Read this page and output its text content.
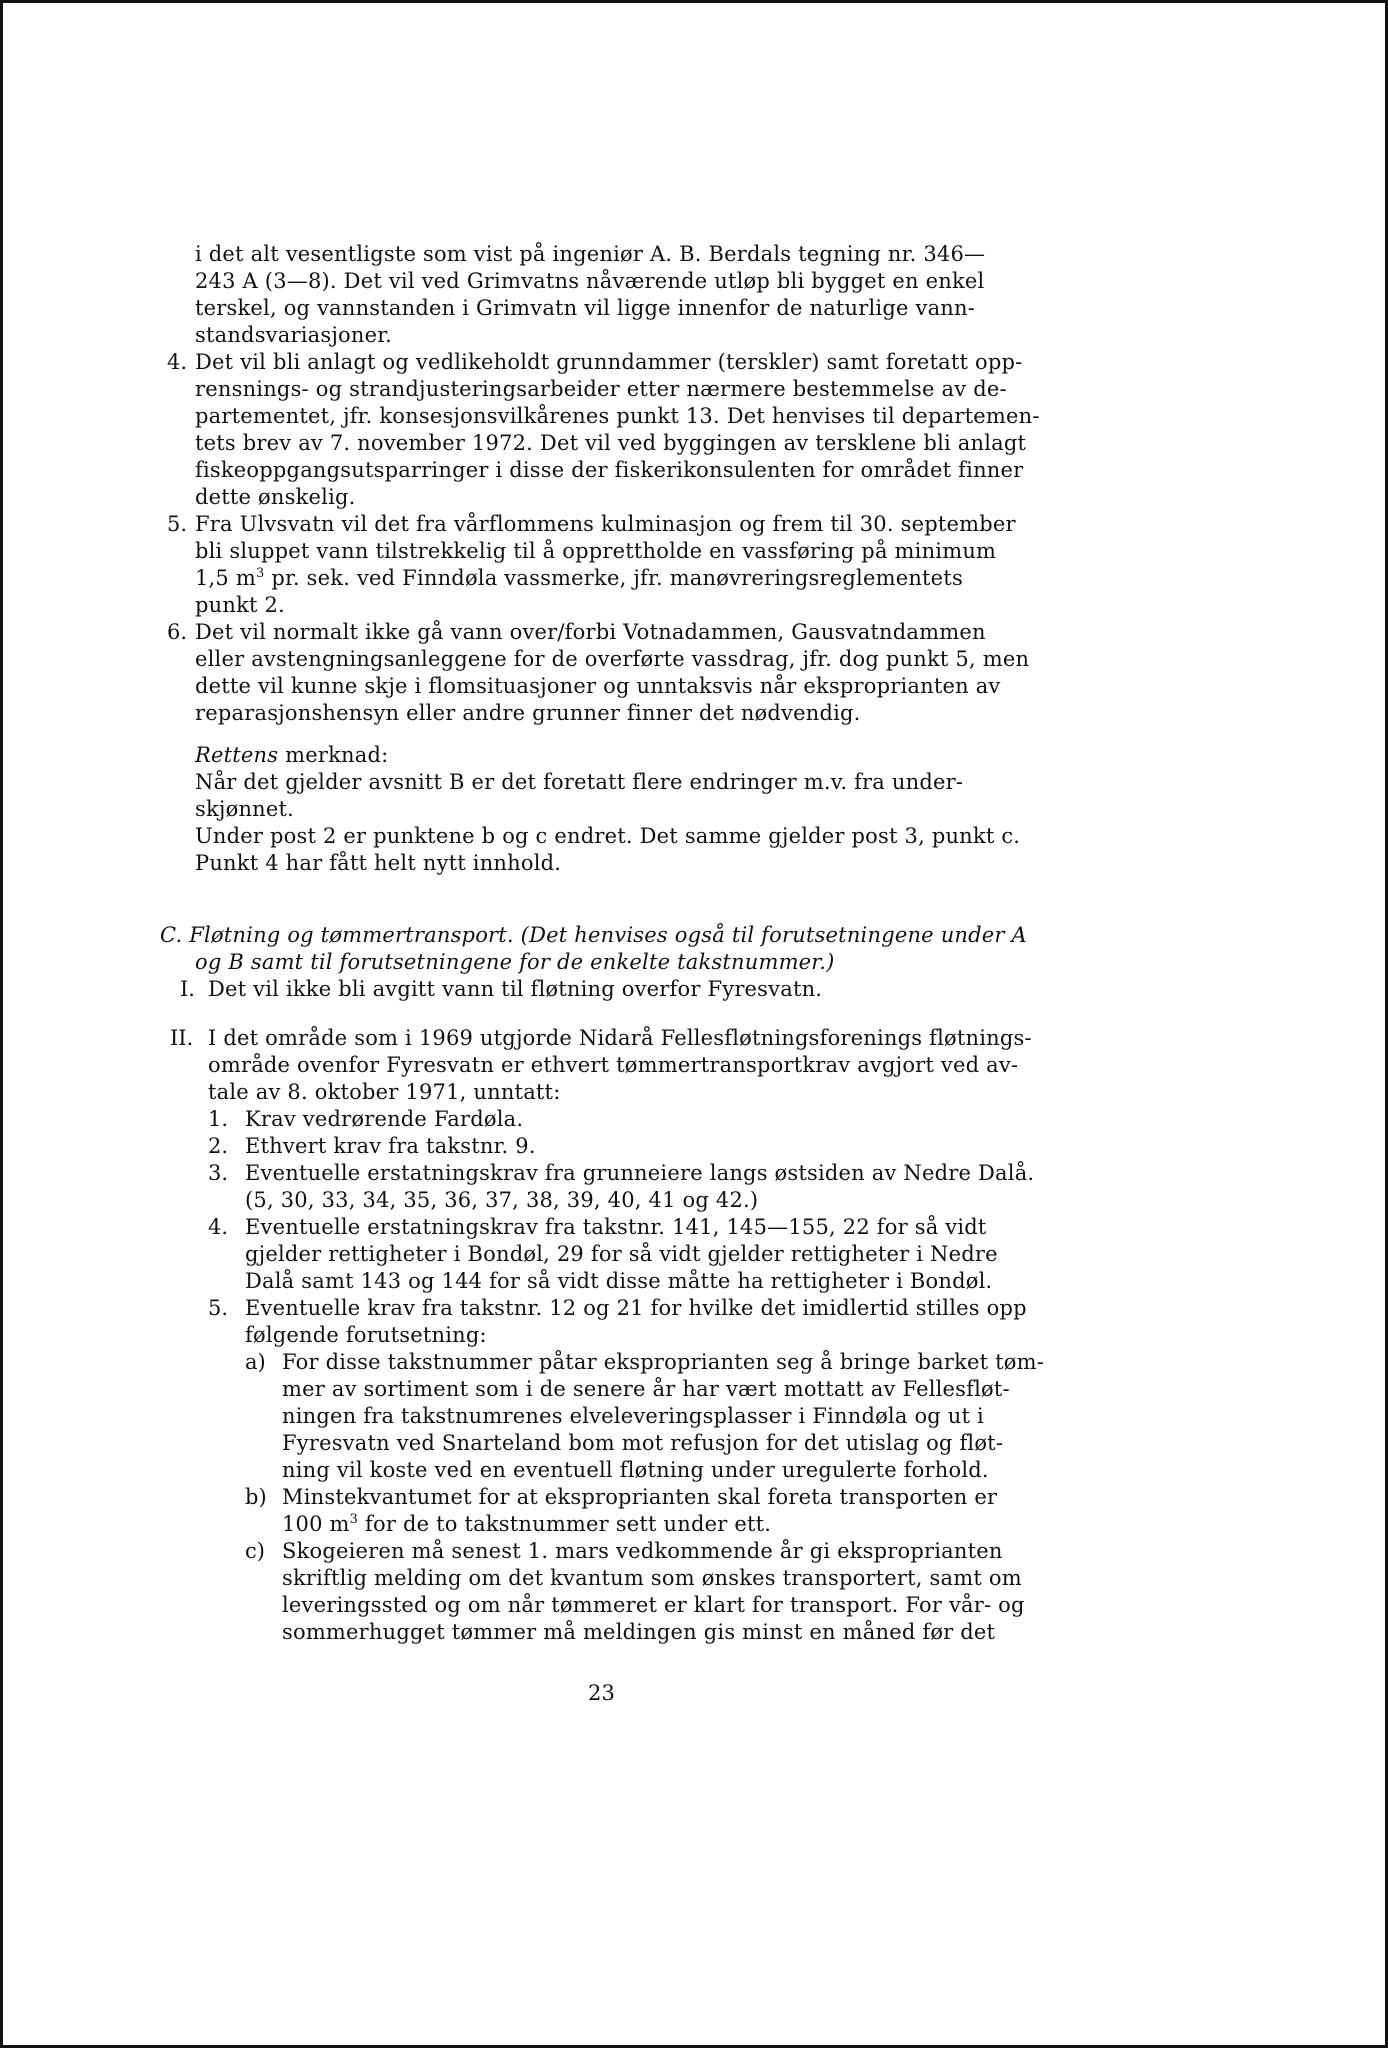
i det alt vesentligste som vist på ingeniør A. B. Berdals tegning nr. 346—
243 A (3—8). Det vil ved Grimvatns nåværende utløp bli bygget en enkel
terskel, og vannstanden i Grimvatn vil ligge innenfor de naturlige vann-
standsvariasjoner.
4. Det vil bli anlagt og vedlikeholdt grunndammer (terskler) samt foretatt opp-
rensnings- og strandjusteringsarbeider etter nærmere bestemmelse av de-
partementet, jfr. konsesjonsvilkårenes punkt 13. Det henvises til departemen-
tets brev av 7. november 1972. Det vil ved byggingen av tersklene bli anlagt
fiskeoppgangsutsparringer i disse der fiskerikonsulenten for området finner
dette ønskelig.
5. Fra Ulvsvatn vil det fra vårflommens kulminasjon og frem til 30. september
bli sluppet vann tilstrekkelig til å opprettholde en vassføring på minimum
1,5 $m^3$ pr. sek. ved Finndøla vassmerke, jfr. manøvreringsreglementets
punkt 2.
6. Det vil normalt ikke gå vann over/forbi Votnadammen, Gausvatndammen
eller avstengningsanleggene for de overførte vassdrag, jfr. dog punkt 5, men
dette vil kunne skje i flomsituasjoner og unntaksvis når eksproprianten av
reparasjonshensyn eller andre grunner finner det nødvendig.
Rettens merknad:
Når det gjelder avsnitt B er det foretatt flere endringer m.v. fra under-
skjønnet.
Under post 2 er punktene b og c endret. Det samme gjelder post 3, punkt c.
Punkt 4 har fått helt nytt innhold.
C. Fløtning og tømmertransport. (Det henvises også til forutsetningene under A
og B samt til forutsetningene for de enkelte takstnummer.)
I. Det vil ikke bli avgitt vann til fløtning overfor Fyresvatn.
II. I det område som i 1969 utgjorde Nidarå Fellesfløtningsforenings fløtnings-
område ovenfor Fyresvatn er ethvert tømmertransportkrav avgjort ved av-
tale av 8. oktober 1971, unntatt:
1. Krav vedrørende Fardøla.
2. Ethvert krav fra takstnr. 9.
3. Eventuelle erstatningskrav fra grunneiere langs østsiden av Nedre Dalå.
(5, 30, 33, 34, 35, 36, 37, 38, 39, 40, 41 og 42.)
4. Eventuelle erstatningskrav fra takstnr. 141, 145—155, 22 for så vidt
gjelder rettigheter i Bondøl, 29 for så vidt gjelder rettigheter i Nedre
Dalå samt 143 og 144 for så vidt disse måtte ha rettigheter i Bondøl.
5. Eventuelle krav fra takstnr. 12 og 21 for hvilke det imidlertid stilles opp
følgende forutsetning:
a) For disse takstnummer påtar eksproprianten seg å bringe barket tøm-
mer av sortiment som i de senere år har vært mottatt av Fellesfløt-
ningen fra takstnumrenes elveleveringsplasser i Finndøla og ut i
Fyresvatn ved Snarteland bom mot refusjon for det utislag og fløt-
ning vil koste ved en eventuell fløtning under uregulerte forhold.
b) Minstekvantumet for at eksproprianten skal foreta transporten er
100 $m^3$ for de to takstnummer sett under ett.
c) Skogeieren må senest 1. mars vedkommende år gi eksproprianten
skriftlig melding om det kvantum som ønskes transportert, samt om
leveringssted og om når tømmeret er klart for transport. For vår- og
sommerhugget tømmer må meldingen gis minst en måned før det
23
